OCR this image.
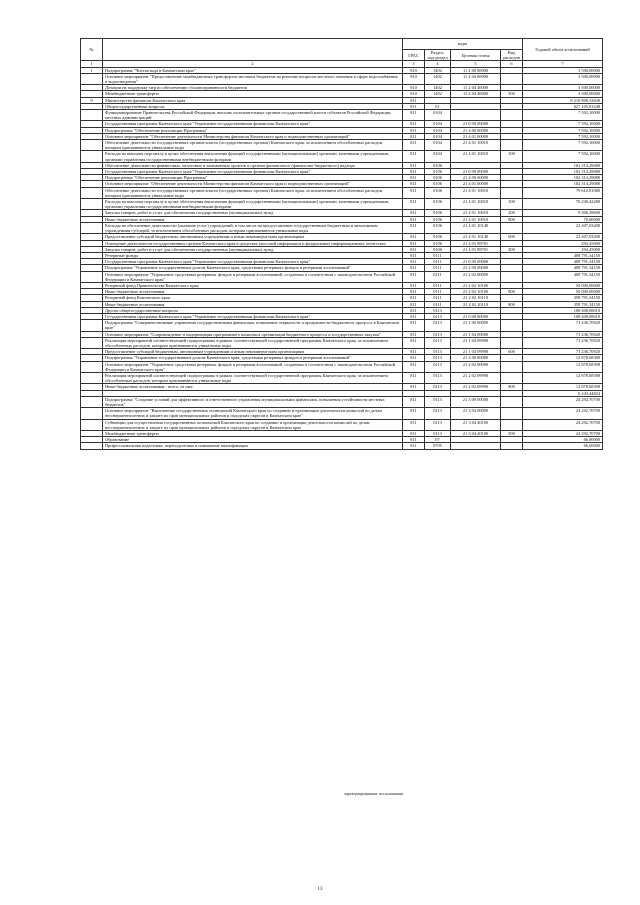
№		коды				Годовой объем ассигнований
		ГРБС	Раздел, под-раздел	Целевая статья	Вид расходов	
1	2	3	4	5	6	7
1	Подпрограмма "Чистая вода в Камчатском крае"	810	1402	11 2 00 00000		3 500,00000
	Основное мероприятие "Предоставление межбюджетных трансфертов местным бюджетам на решение вопросов местного значения в сфере водоснабжения и водоотведения"	810	1402	11 2 04 00000		3 500,00000
	Дотации на поддержку мер по обеспечению сбалансированности бюджетов	810	1402	11 2 04 40000		3 500,00000
	Межбюджетные трансферты	810	1402	11 2 04 40000	500	3 500,00000
9	Министерство финансов Камчатского края	811				8 210 808,33849
	Общегосударственные вопросы	811	01			627 105,81248
	Функционирование Правительства Российской Федерации, высших исполнительных органов государственной власти субъектов Российской Федерации, местных администраций	811	0104			7 592,10000
	Государственная программа Камчатского края "Управление государственными финансами Камчатского края"	811	0104	21 0 00 00000		7 592,10000
	Подпрограмма "Обеспечение реализации Программы"	811	0104	21 4 00 00000		7 592,10000
	Основное мероприятие "Обеспечение деятельности Министерства финансов Камчатского края и подведомственных организаций"	811	0104	21 4 01 00000		7 592,10000
	Обеспечение деятельности государственных органов власти (государственных органов) Камчатского края, за исключением обособленных расходов, которым присваиваются уникальные коды	811	0104	21 4 01 10010		7 592,10000
	Расходы на выплаты персоналу в целях обеспечения выполнения функций государственными (муниципальными) органами, казенными учреждениями, органами управления государственными внебюджетными фондами	811	0104	21 4 01 10010	100	7 592,10000
	Обеспечение деятельности финансовых, налоговых и таможенных органов и органов финансового (финансово-бюджетного) надзора	811	0106			102 314,29080
	Государственная программа Камчатского края "Управление государственными финансами Камчатского края"	811	0106	21 0 00 00000		102 314,29080
	Подпрограмма "Обеспечение реализации Программы"	811	0106	21 4 00 00000		102 314,29080
	Основное мероприятие "Обеспечение деятельности Министерства финансов Камчатского края и подведомственных организаций"	811	0106	21 4 01 00000		102 314,29080
	Обеспечение деятельности государственных органов власти (государственных органов) Камчатского края, за исключением обособленных расходов, которым присваиваются уникальные коды	811	0106	21 4 01 10010		79 612,81080
	Расходы на выплаты персоналу в целях обеспечения выполнения функций государственными (муниципальными) органами, казенными учреждениями, органами управления государственными внебюджетными фондами	811	0106	21 4 01 10010	100	70 236,42280
	Закупка товаров, работ и услуг для обеспечения государственных (муниципальных) нужд	811	0106	21 4 01 10010	200	9 306,39600
	Иные бюджетные ассигнования	811	0106	21 4 01 10010	800	70,00000
	Расходы на обеспечение деятельности (оказание услуг) учреждений, в том числе на предоставление государственным бюджетным и автономным учреждениям субсидий, за исключением обособленных расходов, которым присваиваются уникальные коды	811	0106	21 4 01 10140		22 407,03200
	Предоставление субсидий бюджетным, автономным учреждениям и иным некоммерческим организациям	811	0106	21 4 01 10140	600	22 407,03200
	Освещение деятельности государственных органов Камчатского края в средствах массовой информации и федеральных информационных агентствах	811	0106	21 4 01 98701		294,45000
	Закупка товаров, работ и услуг для обеспечения государственных (муниципальных) нужд	811	0106	21 4 01 98701	200	294,45000
	Резервные фонды	811	0111			408 791,34150
	Государственная программа Камчатского края "Управление государственными финансами Камчатского края"	811	0111	21 0 00 00000		408 791,34150
	Подпрограмма "Управление государственным долгом Камчатского края, средствами резервных фондов и резервами ассигнований"	811	0111	21 2 00 00000		408 791,34150
	Основное мероприятие "Управление средствами резервных фондов и резервами ассигнований, созданных в соответствии с законодательством Российской Федерации и Камчатского края"	811	0111	21 2 02 00000		408 791,34150
	Резервный фонд Правительства Камчатского края	811	0111	21 2 02 10100		50 000,00000
	Иные бюджетные ассигнования	811	0111	21 2 02 10100	800	50 000,00000
	Резервный фонд Камчатского края	811	0111	21 2 02 10110		358 791,34150
	Иные бюджетные ассигнования	811	0111	21 2 02 10110	800	358 791,34150
	Другие общегосударственные вопросы	811	0113			108 408,08018
	Государственная программа Камчатского края "Управление государственными финансами Камчатского края"	811	0113	21 0 00 00000		108 408,08018
	Подпрограмма "Совершенствование управления государственными финансами, повышение открытости и прозрачности бюджетного процесса в Камчатском крае"	811	0113	21 1 00 00000		71 236,70920
	Основное мероприятие "Сопровождение и модернизация программного комплекса организации бюджетного процесса и государственных закупок"	811	0113	21 1 04 00000		71 236,70920
	Реализация мероприятий соответствующей подпрограммы в рамках соответствующей государственной программы Камчатского края, за исключением обособленных расходов, которым присваиваются уникальные коды	811	0113	21 1 04 09990		71 236,70920
	Предоставление субсидий бюджетным, автономным учреждениям и иным некоммерческим организациям	811	0113	21 1 04 09990	600	71 236,70920
	Подпрограмма "Управление государственным долгом Камчатского края, средствами резервных фондов и резервами ассигнований"	811	0113	21 2 00 00000		12 878,68398
	Основное мероприятие "Управление средствами резервных фондов и резервами ассигнований, созданных в соответствии с законодательством Российской Федерации и Камчатского края"	811	0113	21 2 02 00000		12 878,68398
	Реализация мероприятий соответствующей подпрограммы в рамках соответствующей государственной программы Камчатского края, за исключением обособленных расходов, которым присваиваются уникальные коды	811	0113	21 2 02 09990		12 878,68398
	Иные бюджетные ассигнования - всего, из них:	811	0113	21 2 02 09990	800	12 878,68398
						6 243,44824
	Подпрограмма "Создание условий для эффективного и ответственного управления муниципальными финансами, повышения устойчивости местных бюджетов"	811	0113	21 3 00 00000		24 292,70700
	Основное мероприятие "Выполнение государственных полномочий Камчатского края по созданию и организации деятельности комиссий по делам несовершеннолетних и защите их прав муниципальных районов и городских округов в Камчатском крае"	811	0113	21 3 04 00000		24 292,70700
	Субвенции для осуществления государственных полномочий Камчатского края по созданию и организации деятельности комиссий по делам несовершеннолетних и защите их прав муниципальных районов и городских округов в Камчатском крае	811	0113	21 3 04 40100		24 292,70700
	Межбюджетные трансферты	811	0113	21 3 04 40100	500	24 292,70700
	Образование	811	07			66,00000
	Профессиональная подготовка, переподготовка и повышение квалификации	811	0705			66,00000
зарезервированные ассигнования
13
